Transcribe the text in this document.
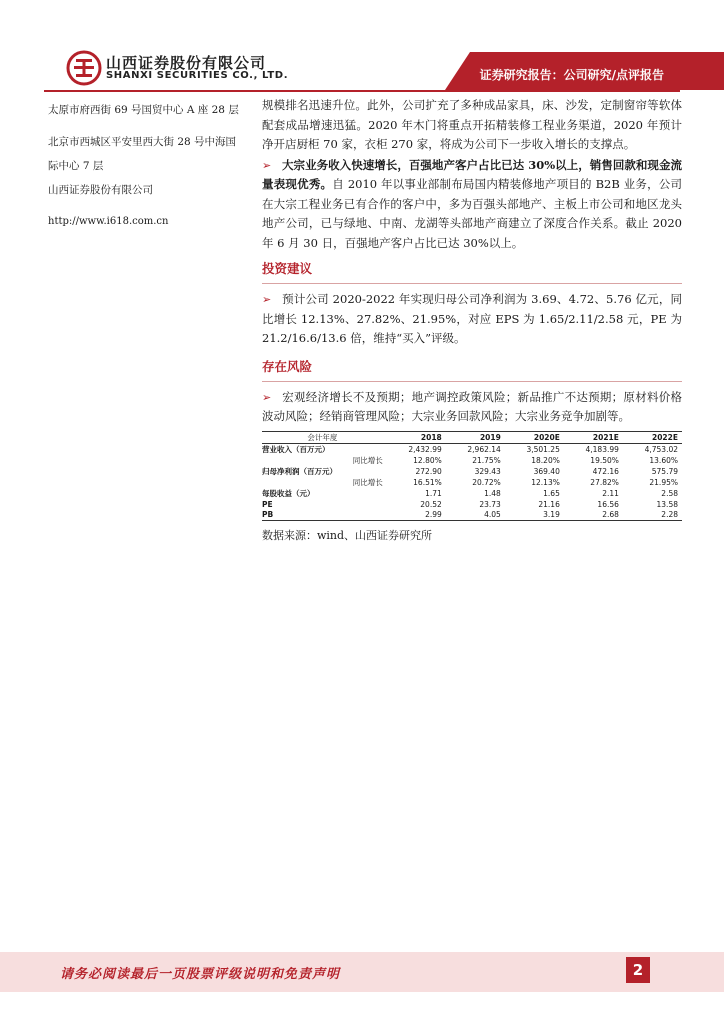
山西证券股份有限公司
SHANXI SECURITIES CO., LTD.	证券研究报告：公司研究/点评报告

太原市府西街 69 号国贸中心 A 座 28 层

北京市西城区平安里西大街 28 号中海国

际中心 7 层

山西证券股份有限公司

http://www.i618.com.cn

规模排名迅速升位。此外，公司扩充了多种成品家具，床、沙发，定制窗帘等软体配套成品增速迅猛。2020 年木门将重点开拓精装修工程业务渠道，2020 年预计净开店厨柜 70 家，衣柜 270 家，将成为公司下一步收入增长的支撑点。

➢ 大宗业务收入快速增长，百强地产客户占比已达 30%以上，销售回款和现金流量表现优秀。自 2010 年以事业部制布局国内精装修地产项目的 B2B 业务，公司在大宗工程业务已有合作的客户中，多为百强头部地产、主板上市公司和地区龙头地产公司，已与绿地、中南、龙湖等头部地产商建立了深度合作关系。截止 2020 年 6 月 30 日，百强地产客户占比已达 30%以上。

投资建议

➢ 预计公司 2020-2022 年实现归母公司净利润为 3.69、4.72、5.76 亿元，同比增长 12.13%、27.82%、21.95%，对应 EPS 为 1.65/2.11/2.58 元，PE 为 21.2/16.6/13.6 倍，维持“买入”评级。

存在风险

➢ 宏观经济增长不及预期；地产调控政策风险；新品推广不达预期；原材料价格波动风险；经销商管理风险；大宗业务回款风险；大宗业务竞争加剧等。

会计年度	2018	2019	2020E	2021E	2022E
营业收入（百万元）	2,432.99	2,962.14	3,501.25	4,183.99	4,753.02
同比增长	12.80%	21.75%	18.20%	19.50%	13.60%
归母净利润（百万元）	272.90	329.43	369.40	472.16	575.79
同比增长	16.51%	20.72%	12.13%	27.82%	21.95%
每股收益（元）	1.71	1.48	1.65	2.11	2.58
PE	20.52	23.73	21.16	16.56	13.58
PB	2.99	4.05	3.19	2.68	2.28

数据来源：wind、山西证券研究所

请务必阅读最后一页股票评级说明和免责声明	2
